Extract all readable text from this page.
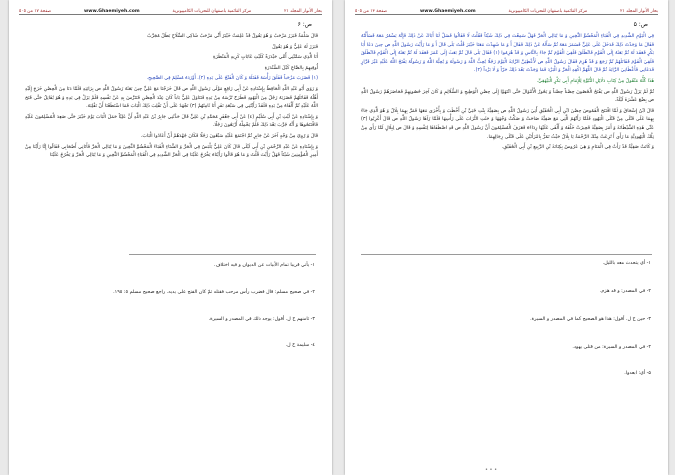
صفحة ١٧ من ٥٠٥	www.Ghaemiyeh.com	مركز القائمية باصفهان للتحريات الكامپيوترية	بحار الأنوار المجلد ٢١
ص: ۶

قَالَ سَلْمَةُ فَبَرَزَ مَرْحَبٌ وَ هُوَ يَقُولُ قَدْ عَلِمَتْ خَيْبَرُ أَنِّي مَرْحَبُ شَاكِي السِّلَاحِ بَطَلٌ مُجَرَّبُ

فَبَرَزَ لَهُ عَلِيٌّ وَ هُوَ يَقُولُ

أَنَا الَّذِي سَمَّتْنِي أُمِّي حَيْدَرَةً كَلَيْثِ غَابَاتٍ كَرِيهِ الْمَنْظَرَةِ

أُوفِيهِمُ بِالصَّاعِ كَيْلَ السَّنْدَرَةِ

(١) فَضَرَبَ مَرْحَباً فَفَلَقَ رَأْسَهُ فَقَتَلَهُ وَ كَانَ الْفَتْحُ عَلَى يَدِهِ (٢). أَوْرَدَهُ مُسْلِمٌ فِي الصَّحِيحِ.

وَ رَوَى أَبُو عَبْدِ اللَّهِ الْحَافِظُ بِإِسْنَادِهِ عَنْ أَبِي رَافِعٍ مَوْلَى رَسُولِ اللَّهِ ص قَالَ خَرَجْنَا مَعَ عَلِيٍّ حِينَ بَعَثَهُ رَسُولُ اللَّهِ ص بِرَايَتِهِ فَلَمَّا دَنَا مِنَ الْحِصْنِ خَرَجَ إِلَيْهِ أَهْلُهُ فَقَاتَلَهُمْ فَضَرَبَهُ رَجُلٌ مِنَ الْيَهُودِ فَطَرَحَ تُرْسَهُ مِنْ يَدِهِ فَتَنَاوَلَ عَلِيٌّ بَاباً كَانَ عِنْدَ الْحِصْنِ فَتَتَرَّسَ بِهِ عَنْ نَفْسِهِ فَلَمْ يَزَلْ فِي يَدِهِ وَ هُوَ يُقَاتِلُ حَتَّى فَتَحَ اللَّهُ عَلَيْهِ ثُمَّ أَلْقَاهُ مِنْ يَدِهِ فَلَقَدْ رَأَيْتُنِي فِي سَبْعَةِ نَفَرٍ أَنَا ثَامِنُهُمْ (٣) نَجْهَدُ عَلَى أَنْ نَقْلِبَ ذَلِكَ الْبَابَ فَمَا اسْتَطَعْنَا أَنْ نَقْلِبَهُ.

وَ بِإِسْنَادِهِ عَنْ لَيْثِ بْنِ أَبِي سُلَيْمٍ (٤) عَنْ أَبِي جَعْفَرٍ مُحَمَّدِ بْنِ عَلِيٍّ قَالَ حَدَّثَنِي جَابِرُ بْنُ عَبْدِ اللَّهِ أَنَّ عَلِيّاً حَمَلَ الْبَابَ يَوْمَ خَيْبَرَ حَتَّى صَعِدَ الْمُسْلِمُونَ عَلَيْهِ فَافْتَتَحُوهَا وَ أَنَّهُ جُرِّبَ بَعْدَ ذَلِكَ فَلَمْ يَحْمِلْهُ أَرْبَعُونَ رَجُلًا.

قَالَ وَ رُوِيَ مِنْ وَجْهٍ آخَرَ عَنْ جَابِرٍ ثُمَّ اجْتَمَعَ عَلَيْهِ سَبْعُونَ رَجُلًا فَكَانَ جُهْدَهُمْ أَنْ أَعَادُوا الْبَابَ.

وَ بِإِسْنَادِهِ عَنْ عَبْدِ الرَّحْمَنِ بْنِ أَبِي لَيْلَى قَالَ كَانَ عَلِيٌّ يَلْبَسُ فِي الْحَرِّ وَ الشِّتَاءِ الْقَبَاءَ الْمَحْشُوَّ الثَّخِينَ وَ مَا يُبَالِي الْحَرَّ فَأَتَانِي أَصْحَابِي فَقَالُوا إِنَّا رَأَيْنَا مِنْ أَمِيرِ الْمُؤْمِنِينَ شَيْئاً فَهَلْ رَأَيْتَ قُلْتُ وَ مَا هُوَ قَالُوا رَأَيْنَاهُ يَخْرُجُ عَلَيْنَا فِي الْحَرِّ الشَّدِيدِ فِي الْقَبَاءِ الْمَحْشُوِّ الثَّخِينِ وَ مَا يُبَالِي الْحَرَّ وَ يَخْرُجُ عَلَيْنَا

١- يأتي قريبا تمام الأبيات عن الديوان و فيه اختلاف.
٢- في صحيح مسلم: قال فضرب رأس مرحب فقتله ثمّ كان الفتح على يديه. راجع صحيح مسلم ٥: ١٩٥.
٣- ثامنهم خ ل. أقول: يوجد ذلك في المصدر و السيرة.
٤- سليمة خ ل.
صفحة ١٣ من ٥٠٥	www.Ghaemiyeh.com	مركز القائمية باصفهان للتحريات الكامپيوترية	بحار الأنوار المجلد ٢١
ص: ۵

فِي الْيَوْمِ الشَّدِيدِ فِي الْقَبَاءِ الْمَحْشُوِّ الثَّخِينِ وَ مَا يُبَالِي الْحَرَّ فَهَلْ سَمِعْتَ فِي ذَلِكَ شَيْئاً فَقُلْتُ لَا فَقَالُوا فَسَلْ لَنَا أَبَاكَ عَنْ ذَلِكَ فَإِنَّهُ يَسْمُرُ مَعَهُ فَسَأَلْتُهُ فَقَالَ مَا وَجَدْتُ ذَلِكَ فَدَخَلَ عَلَى عَلِيٍّ فَسَمَرَ مَعَهُ ثُمَّ سَأَلَهُ عَنْ ذَلِكَ فَقَالَ أَ وَ مَا شَهِدْتَ مَعَنَا خَيْبَرَ قُلْتُ بَلَى قَالَ أَ وَ مَا رَأَيْتَ رَسُولَ اللَّهِ ص حِينَ دَعَا أَبَا بَكْرٍ فَعَقَدَ لَهُ ثُمَّ بَعَثَهُ إِلَى الْقَوْمِ فَانْطَلَقَ فَلَقِيَ الْقَوْمَ ثُمَّ جَاءَ بِالنَّاسِ وَ قَدْ هُزِمُوا (١) فَقَالَ بَلَى قَالَ ثُمَّ بَعَثَ إِلَى عُمَرَ فَعَقَدَ لَهُ ثُمَّ بَعَثَهُ إِلَى الْقَوْمِ فَانْطَلَقَ فَلَقِيَ الْقَوْمَ فَقَاتَلَهُمْ ثُمَّ رَجَعَ وَ قَدْ هُزِمَ فَقَالَ رَسُولُ اللَّهِ ص لَأُعْطِيَنَّ الرَّايَةَ الْيَوْمَ رَجُلًا يُحِبُّ اللَّهَ وَ رَسُولَهُ وَ يُحِبُّهُ اللَّهُ وَ رَسُولُهُ يَفْتَحُ اللَّهُ عَلَيْهِ غَيْرَ فَرَّارٍ فَدَعَانِي فَأَعْطَانِيَ الرَّايَةَ ثُمَّ قَالَ اللَّهُمَّ اكْفِهِ الْحَرَّ وَ الْبَرْدَ فَمَا وَجَدْتُ بَعْدَ ذَلِكَ حَرّاً وَ لَا بَرْداً (٢).

هَذَا كُلُّهُ مَنْقُولٌ مِنْ كِتَابِ دَلَائِلِ النُّبُوَّةِ لِلْإِمَامِ أَبِي بَكْرٍ الْبَيْهَقِيِّ.

ثُمَّ لَمْ يَزَلْ رَسُولُ اللَّهِ ص يَفْتَحُ الْحُصُونَ حِصْناً حِصْناً وَ يَحُوزُ الْأَمْوَالَ حَتَّى انْتَهَوْا إِلَى حِصْنِ الْوَطِيحِ وَ السُّلَالِمِ وَ كَانَ آخِرَ حُصُونِهِمْ فَحَاصَرَهُمْ رَسُولُ اللَّهِ ص بِضْعَ عَشْرَةَ لَيْلَةً.

قَالَ ابْنُ إِسْحَاقَ وَ لَمَّا افْتَتَحَ الْقَمُوصَ حِصْنَ ابْنِ أَبِي الْحُقَيْقِ أُتِيَ رَسُولُ اللَّهِ ص بِصَفِيَّةَ بِنْتِ حُيَيِّ بْنِ أَخْطَبَ وَ بِأُخْرَى مَعَهَا فَمَرَّ بِهِمَا بِلَالٌ وَ هُوَ الَّذِي جَاءَ بِهِمَا عَلَى قَتْلَى مِنْ قَتْلَى الْيَهُودِ فَلَمَّا رَأَتْهُمُ الَّتِي مَعَ صَفِيَّةَ صَاحَتْ وَ صَكَّتْ وَجْهَهَا وَ حَثَتِ التُّرَابَ عَلَى رَأْسِهَا فَلَمَّا رَآهَا رَسُولُ اللَّهِ ص قَالَ أَعْزِبُوا (٣) عَنِّي هَذِهِ الشَّيْطَانَةَ وَ أَمَرَ بِصَفِيَّةَ فَحِيزَتْ خَلْفَهُ وَ أَلْقَى عَلَيْهَا رِدَاءَهُ فَعَرَفَ الْمُسْلِمُونَ أَنَّ رَسُولَ اللَّهِ ص قَدِ اصْطَفَاهَا لِنَفْسِهِ وَ قَالَ ص لِبِلَالٍ لَمَّا رَأَى مِنْ تِلْكَ الْيَهُودِيَّةِ مَا رَأَى أَ نُزِعَتْ مِنْكَ الرَّحْمَةُ يَا بِلَالُ حَيْثُ تَمُرُّ بِامْرَأَتَيْنِ عَلَى قَتْلَى رِجَالِهِمَا.

وَ كَانَتْ صَفِيَّةُ قَدْ رَأَتْ فِي الْمَنَامِ وَ هِيَ عَرُوسٌ بِكِنَانَةَ بْنِ الرَّبِيعِ بْنِ أَبِي الْحُقَيْقِ.

١- أي يتحدث معه بالليل.
٢- في المصدر: و قد هزم.
٣- حين خ ل. أقول: هذا هو الصحيح كما في المصدر و السيرة.
۴- في المصدر و السيرة: من قتلى يهود.
۵- أي: ابعدوا.
• • •
